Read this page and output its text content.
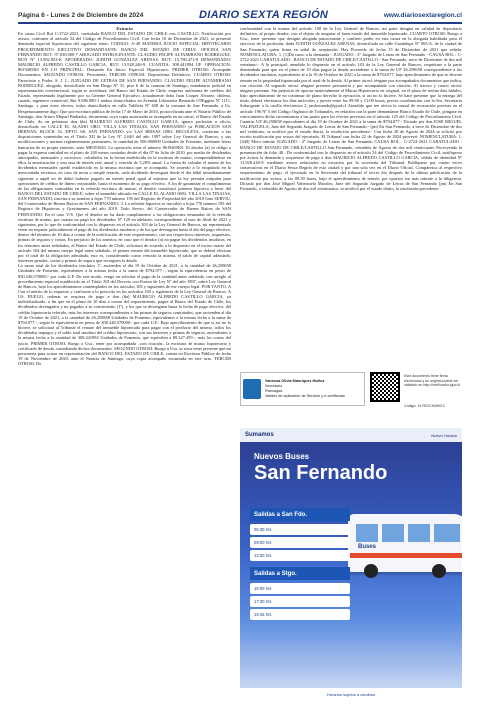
Página 6 - Lunes 2 de Diciembre de 2024	DIARIO SEXTA REGIÓN	www.diariosextaregion.cl
Extracto
En causa Civil Rol C-2722-2021, caratulada BANCO DEL ESTADO DE CHILE con CASTILLO. Notificación por avisos, conforme al artículo 54 del Código de Procedimiento Civil. Con fecha 10 de Diciembre de 2021, se presentó demanda especial hipotecaria del siguiente tenor: CODIGO: A-48 MATERIA JUICIO ESPECIAL HIPOTECARIO PROCEDIMIENTO EJECUTIVO DEMANDANTE: BANCO DEL ESTADO DE CHILE. OFICINA SAN FERNANDO RUT: 97.030.000-7 ABOGADO PATROCINANTE: CLAUDIO FELIPE ALTAMIRANO RODRIGUEZ. RUN Nº 13.902.853-K APODERADO: JUDITH GONZALEZ ARENAS. RUT: 15.780.471-8 DEMANDADO: MAURICIO ALFREDO CASTILLO GARCIA. RUT: 13.928.246-9. CUANTIA: 308.441894 UF. OPERACION: 8619405K0 EN LO PRINCIPAL: Demanda En Juicio Especial Hipotecario; PRIMER OTROSI: Acompañe Documentos; SEGUNDO OTROSI: Personería; TERCER OTROSI: Deposítense Definitivo; CUARTO OTROSI: Patrocinio y Poder. S. J. L. JUZGADO DE LETRAS DE SAN FERNANDO. CLAUDIO FELIPE ALTAMIRANO RODRIGUEZ, abogado, domiciliado en San Diego Nº 31, piso 6 de la comuna de Santiago, mandatario judicial en representación convencional, según se acreditará, del Banco del Estado de Chile, empresa autónoma de créditos del Estado, representado legalmente por su Gerente General Ejecutivo, actualmente doña Juan Cooper Alvarez, chileno, casado, ingeniero comercial, Rut 9.086.880-1 ambos domiciliados en Avenida Libertador Bernardo O'Higgins Nº 1111, Santiago, y para estos efectos, todos domiciliados en calle Valdivia Nº 408 de la comuna de San Fernando, a Us. Respetuosamente digo: Que por escritura pública de fecha 17 de Mayo de 2010, protocolizada ante el Notario Público de Santiago, don Arturo Miquel Barbados, documento cuya copia autorizada se acompaña en un otrosí, el Banco del Estado de Chile, do en préstamo don (ña) MAURICIO ALFREDO CASTILLO GARCIA, ignoro profesión u oficio, domiciliado en CALLE EL ALAMO ORO, VILLA LAS TINAJAS, SAN FERNANDO ya POBLACION SAN HERNAN, BLOCK 33, DPTO. 68, SAN FERNANDO y/o LAS BRISAS ORO, RECOLETA, conforme a las disposiciones contenidas en el Título XII de la Ley Nº 2.640 del año 1997 sobre Ley General de Bancos, y sus modificaciones y normas reglamentarias pertinentes, la cantidad de 500.000000 Unidades de Fomento, mediante letras bancarias de su propia emisión, serie ME053020. La operación tiene el número 8619405K0. El deudor (a) se obligó a pagar la expresa cantidad en el plazo de 240 meses contados desde el día 07 de Julio de 2010, por medio de dividendos anticipados, mensuales y sucesivos, calculados en la forma establecida en la escritura de mutuo, comprendiéndose en ellos la amortización y una tasa de interés real, anual y vencida de 5,20% anual. La forma de calcular el monto de los dividendos mensuales quedó establecida en la misma escritura que se acompaña. Se acuerdo a lo estipulado en la mencionada escritura, en caso de mora o simple retardo, cada dividendo devengará desde el día hábil inmediatamente siguiente a aquél en de debió haberse pagado un interés penal igual al máximo que la ley permita estipular para operaciones de crédito de dinero reajustable, hasta el momento de su pago efectivo. A fin de garantizar el cumplimiento de las obligaciones contraídas en la referida escritura de mutuo, el deudor constituyó primera hipoteca a favor del BANCO DEL ESTADO DE CHILE, sobre el inmueble ubicado en CALLE EL ALAMO 0692, VILLA LAS TINAJAS, SAN FERNANDO; inscrita a su nombre a fojas 770 número 195 del Registro de Propiedad del año 2010 fono SERVIU, del Conservador de Bienes Raíces de SAN FERNANDO. 3. La referida hipoteca se inscribió a fojas 770 número 195 del Registro de Hipotecas y Gravámenes del año 2010. Todo Servio, del Conservador de Bienes Raíces de SAN FERNANDO. En el caso V/S. Que el deudor no ha dado cumplimiento a las obligaciones emanadas de la referida escritura de mutuo, por cuanto no pagó los dividendos Nº 129 en adelante, correspondiente al mes de Abril de 2021 y siguientes, por lo que de conformidad con lo dispuesto en el artículo 103 de la Ley General de Bancos, mi representado viene en requerir judicialmente el pago de los dividendos insolutos y de los que devenguen hasta el día del pago efectivo, dentro del término de 10 días a contar de la notificación de este requerimiento, con sus respectivos intereses, impuestos, primas de seguros y costas. En perjuicio de los anterior, en caso que el deudor (a) no pague los dividendos insolutos, en los términos antes señalados, el Banco del Estado de Chile, solicitará de acuerdo a lo dispuesto en el inciso cuarto del artículo 104 del mismo cuerpo legal antes señalado, el primer remate del inmueble hipotecado, que se deberá efectuar por el total de la obligación adeudada, esto es, considerando como vencida la misma, el saldo de capital adeudado, intereses penales, costas y primas de seguro que recarguen la deuda.
La suma total de los dividendos insolutos 1º, ascienden al día 19 de Octubre de 2021, a la cantidad de 26,258658 Unidades de Fomento, equivalentes a la misma fecha a la suma de $794.077.-, según la equivalencia en pesos de $30.240,570000.- por cada U.F. De este modo, vengo en solicitar el pago de la cantidad antes señalada, con arreglo al procedimiento especial establecido en el Título XII del Decreto con Fuerza de Ley Nº del año 1997, sobre Ley General de Bancos, bajo los apercibimientos contemplados en los artículos 103 y siguientes de ese cuerpo legal. POR TANTO, A Con el mérito de lo expuesto y conforme a lo prescrito en los artículos 103 y siguientes de la Ley General de Bancos. A US. RUEGO, ordenar se requiera de pago a don (ña) MAURICIO ALFREDO CASTILLO GARCIA, ya individualizado, a fin que en el plazo de 10 días a contar del requerimiento, pague al Banco del Estado de Chile, los dividendos devengados y no pagados a su vencimiento (1º), y los que se devenguen hasta la fecha de pago efectivo, del crédito hipotecario referido, más los intereses correspondientes a las primas de seguros contratados, que ascienden al día 19 de Octubre de 2021, a la cantidad de 26,258658 Unidades de Fomento, equivalentes a la misma fecha a la suma de $794.077.-, según la equivalencia en pesos de $30.240,570000.- por cada U.F.. Bajo apercibimiento de que si así no lo hiciere, se solicitará al Tribunal el remate del inmueble hipotecado para pagar con el producto del mismo, todos los dividendos impagos y el saldo total insoluto del crédito hipotecario, con sus intereses y primas de seguros, ascendentes a la misma fecha a la cantidad de 308.441894 Unidades de Fomento, que equivalen a $9.327.459.-, más los costas del juicio. PRIMER OTROSI: Ruego a Usa., tener por acompañada –con citación– la escritura de mutuo hipotecario y certificado de deuda, custodiando dichos documentos. SEGUNDO OTROSI: Ruego a Usa. se sirva tener presente que mi personería para actuar en representación del BANCO DEL ESTADO DE CHILE, consta en Escritura Pública de fecha 19 de Noviembre de 2020, ante el Notario de Santiago, cuya copia acompaño escaneada en este acto. TERCER OTROSI: De
conformidad con la norma del artículo 108 de la Ley General de Bancos, mi parte designa en calidad de depositario definitivo, al propio deudor, con el objeto de asegurar el buen estado del inmueble hipotecado. CUARTO OTROSI: Ruego a Usa., tener presente que designo abogado patrocinante y confiero poder en esta causa en la abogada habilitada para el ejercicio de la profesión, doña JUDITH GONZALEZ ARENAS, domiciliada en calle Guadalupe Nº 965-A, de la ciudad de San Fernando, quien firma en señal de aceptación. Hay Proveído de fecha 15 de Diciembre de 2021 que señala: NOMENCLATURA: 1. [1]Da curso a la demanda - JUZGADO : 2º Juzgado de Letras de San Fernando - CAUSA ROL : C-2722-2021 CARATULADO : BANCO DE ESTADO DE CHILE/CASTILLO - San Fernando, trece de Diciembre de dos mil veintiuno.- A lo principal: atendido lo dispuesto en el artículo 103 de la Ley General de Bancos, requiérase a la parte demandada para que en el plazo de 10 días pague la deuda ascendente a la suma de UF 26.258658 correspondiente a los dividendos insolutos, equivalentes al a la 19 de Octubre de 2021 a la suma de $794.077, bajo apercibimiento de que se decrete remate en la propiedad hipotecada por el total de la deuda. Al primer otrosí: téngase por acompañados documentos que indica, con citación. Al segundo otrosí: téngase presente personería y por acompañada con citación. Al tercero y cuarto otrosí: téngase presente. Sin perjuicio de aportar materialmente el Mutuo Hipotecario en original, en el plazo de treinta días hábiles, bajo apercibimiento de no continuar de plano derecho la ejecución, si así no lo hiciere. Se hace presente que la entrega del título deberá efectuarse los días miércoles y jueves entre las 09:00 y 11:00 horas, previa coordinación con la Sra. Secretaria Subrogante a la casilla electrónica 2_sanfernando@pjud.cl Atendido que me afecta la causal de recusación prevista en el artículo 196 Nº 5 del Código Orgánico de Tribunales, en relación con la parte demandante Banco Estado de Chile, póngase en conocimiento dicha circunstancia a las partes para los efectos previstos en el artículo 125 del Código de Procedimiento Civil. Cuantía: UF 26,258658 equivalentes al día 19 de Octubre de 2021 a la suma de $794.077.- Dictado por don JOSE MIGUEL VALENZUELA, Juez del Segundo Juzgado de Letras de San Fernando.- (jm) En San Fernando, a trece de Diciembre de dos mil veintiuno, se notificó por el estado diario, la resolución precedente.- Con fecha 20 de Agosto de 2024 se solicitó por escrito notificación por avisos del ejecutado. El Tribunal con fecha 22 de Agosto de 2024 proveyó: NOMENCLATURA: 1. [440] Mero trámite JUZGADO : 2º Juzgado de Letras de San Fernando CAUSA ROL : C-2722-2021 CARATULADO : BANCO DE ESTADO DE CHILE/CASTILLO San Fernando, veintidós de Agosto de dos mil veinticuatro Proveyendo la presentación de folio 48 : De conformidad con lo dispuesto en el artículo 54 del Código de Procedimiento Civil, notifíquese por avisos la demanda y requiérase de pago a don MAURICIO ALFREDO CASTILLO GARCIA, cédula de identidad Nº 13.928.246-9, mediante avisos redactados en extractos por la secretaría del Tribunal. Publíquese por cuatro veces consecutivas en el Diario Sexta Región de esta ciudad y por una sola vez en el Diario Oficial. Compárezca al respectivo requerimiento de pago, el ejecutado en la Secretaría del tribunal el tercer día después de la última publicación de la notificación por avisos, a las 09:30 horas, bajo el apercibimiento de tenerlo por opuesto sin más trámite a la diligencia. Dictado por don José Miguel Valenzuela Morales, Juez del Segundo Juzgado de Letras de San Fernando (jm) En San Fernando, a veintidós de Agosto de dos mil veinticuatro, se notificó por el estado diario, la resolución precedente.
Vanessa Olivia Manríquez Muñoz
Secretario
Rancagua
Validez de aplicación de Servicio y e-certificado
Este documento tiene firma electrónica y su original puede ser validado en http://verificador.pjud.cl
Código: JXYRXCKDMGX
Sumamos	Nuevo Horario
Nuevos Buses
San Fernando
Buses
Salidas a San Fdo.
06:30 hrs
09:00 hrs
12:00 hrs
Salidas a Stgo.
15:00 hrs
17:30 hrs
19:45 hrs
Horarios sujetos a cambios
